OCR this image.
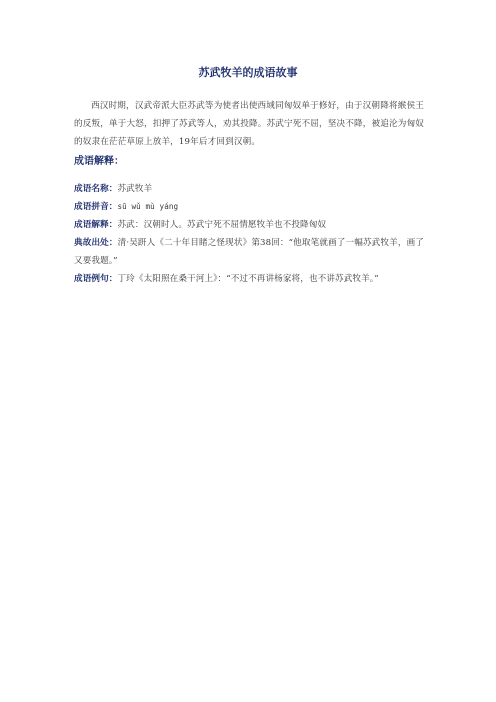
苏武牧羊的成语故事

西汉时期，汉武帝派大臣苏武等为使者出使西域同匈奴单于修好，由于汉朝降将緱侯王的反叛，单于大怒，扣押了苏武等人，劝其投降。苏武宁死不屈，坚决不降，被追沦为匈奴的奴隶在茫茫草原上放羊，19年后才回到汉朝。

成语解释：
成语名称：苏武牧羊
成语拼音：sū wǔ mù yáng
成语解释：苏武：汉朝时人。苏武宁死不屈情愿牧羊也不投降匈奴
典故出处：清·吴趼人《二十年目睹之怪现状》第38回：“他取笔就画了一幅苏武牧羊，画了又要我题。”
成语例句：丁玲《太阳照在桑干河上》：“不过不再讲杨家将，也不讲苏武牧羊。”
